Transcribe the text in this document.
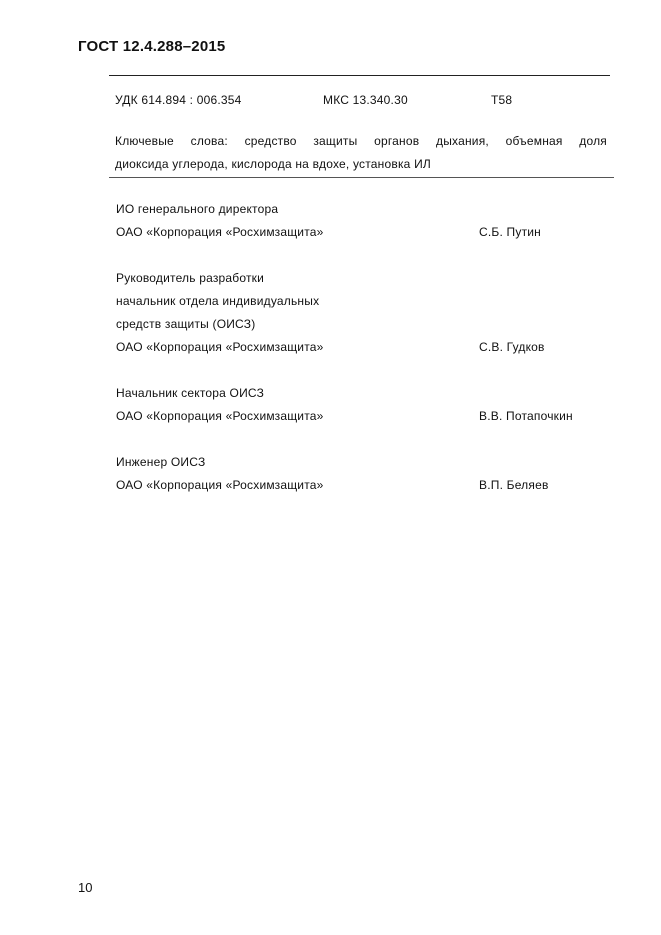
ГОСТ 12.4.288–2015
УДК 614.894 : 006.354	МКС 13.340.30	Т58
Ключевые слова: средство защиты органов дыхания, объемная доля
диоксида углерода, кислорода на вдохе, установка ИЛ
ИО генерального директора
ОАО «Корпорация «Росхимзащита»	С.Б. Путин
Руководитель разработки
начальник отдела индивидуальных
средств защиты (ОИСЗ)
ОАО «Корпорация «Росхимзащита»	С.В. Гудков
Начальник сектора ОИСЗ
ОАО «Корпорация «Росхимзащита»	В.В. Потапочкин
Инженер ОИСЗ
ОАО «Корпорация «Росхимзащита»	В.П. Беляев
10
